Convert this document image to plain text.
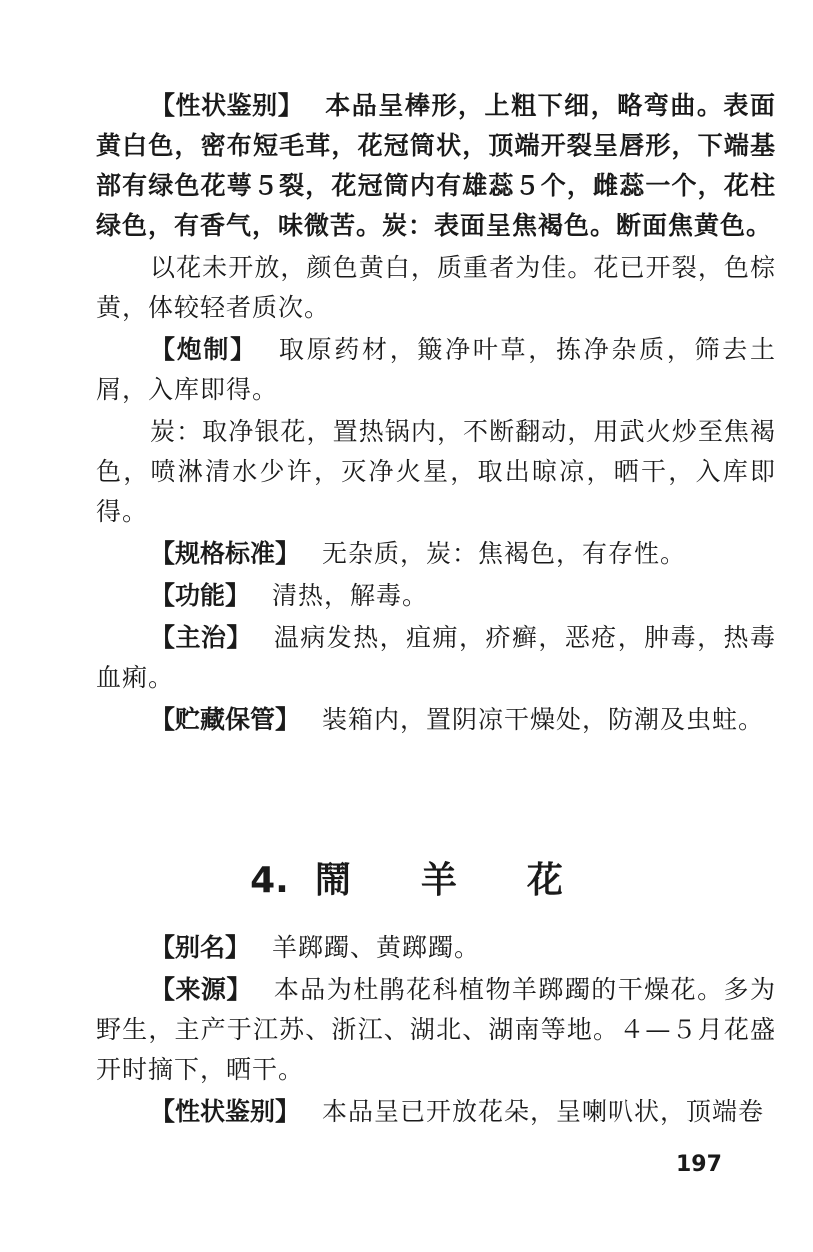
【性状鉴别】 本品呈棒形，上粗下细，略弯曲。表面黄白色，密布短毛茸，花冠筒状，顶端开裂呈唇形，下端基部有绿色花萼５裂，花冠筒内有雄蕊５个，雌蕊一个，花柱绿色，有香气，味微苦。炭：表面呈焦褐色。断面焦黄色。

以花未开放，颜色黄白，质重者为佳。花已开裂，色棕黄，体较轻者质次。

【炮制】 取原药材，簸净叶草，拣净杂质，筛去土屑，入库即得。

炭：取净银花，置热锅内，不断翻动，用武火炒至焦褐色，喷淋清水少许，灭净火星，取出晾凉，晒干，入库即得。

【规格标准】 无杂质，炭：焦褐色，有存性。

【功能】 清热，解毒。

【主治】 温病发热，疽痈，疥癣，恶疮，肿毒，热毒血痢。

【贮藏保管】 装箱内，置阴凉干燥处，防潮及虫蛀。

4. 鬧 羊 花

【别名】 羊踯躅、黄踯躅。

【来源】 本品为杜鹃花科植物羊踯躅的干燥花。多为野生，主产于江苏、浙江、湖北、湖南等地。４—５月花盛开时摘下，晒干。

【性状鉴别】 本品呈已开放花朵，呈喇叭状，顶端卷

197
